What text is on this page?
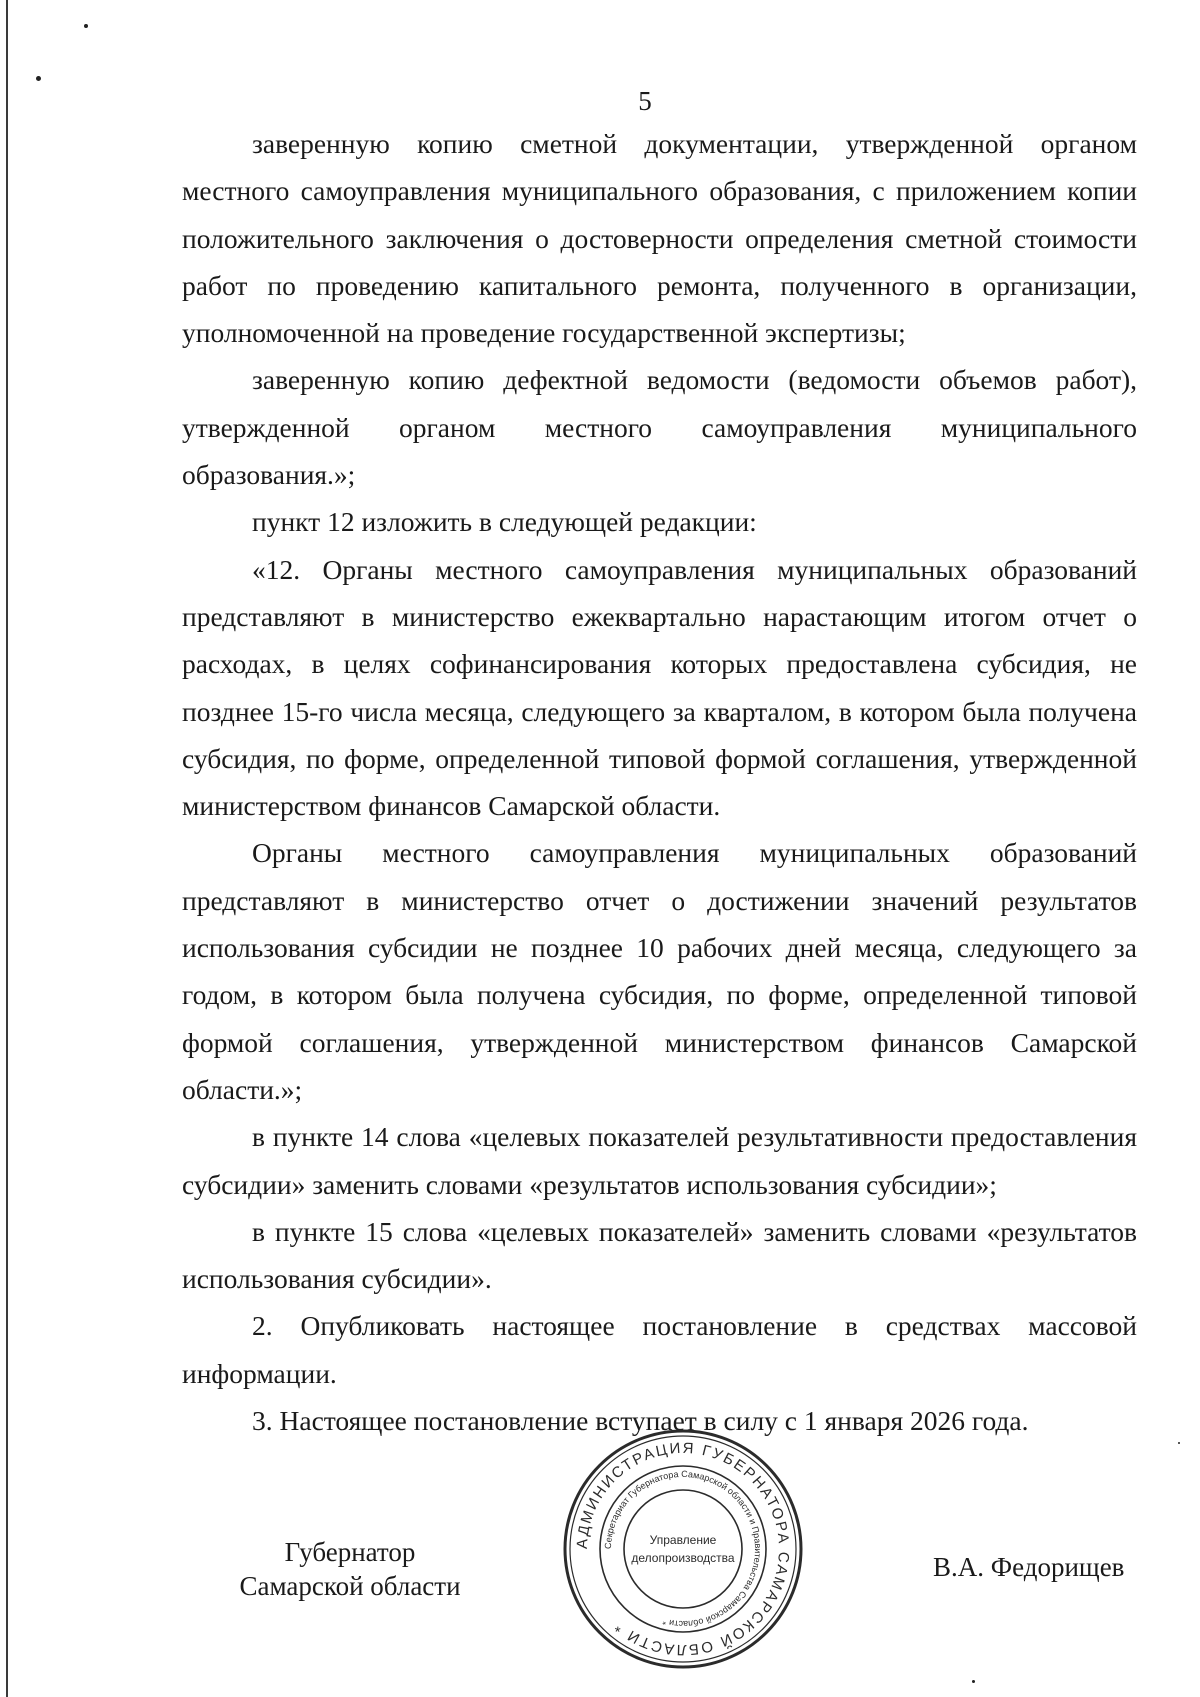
5

заверенную копию сметной документации, утвержденной органом местного самоуправления муниципального образования, с приложением копии положительного заключения о достоверности определения сметной стоимости работ по проведению капитального ремонта, полученного в организации, уполномоченной на проведение государственной экспертизы;

заверенную копию дефектной ведомости (ведомости объемов работ), утвержденной органом местного самоуправления муниципального образования.»;

пункт 12 изложить в следующей редакции:

«12. Органы местного самоуправления муниципальных образований представляют в министерство ежеквартально нарастающим итогом отчет о расходах, в целях софинансирования которых предоставлена субсидия, не позднее 15-го числа месяца, следующего за кварталом, в котором была получена субсидия, по форме, определенной типовой формой соглашения, утвержденной министерством финансов Самарской области.

Органы местного самоуправления муниципальных образований представляют в министерство отчет о достижении значений результатов использования субсидии не позднее 10 рабочих дней месяца, следующего за годом, в котором была получена субсидия, по форме, определенной типовой формой соглашения, утвержденной министерством финансов Самарской области.»;

в пункте 14 слова «целевых показателей результативности предоставления субсидии» заменить словами «результатов использования субсидии»;

в пункте 15 слова «целевых показателей» заменить словами «результатов использования субсидии».

2. Опубликовать настоящее постановление в средствах массовой информации.

3. Настоящее постановление вступает в силу с 1 января 2026 года.

Губернатор
Самарской области
АДМИНИСТРАЦИЯ ГУБЕРНАТОРА САМАРСКОЙ ОБЛАСТИ *
Секретариат Губернатора Самарской области и Правительства Самарской области *
Управление
делопроизводства	В.А. Федорищев
